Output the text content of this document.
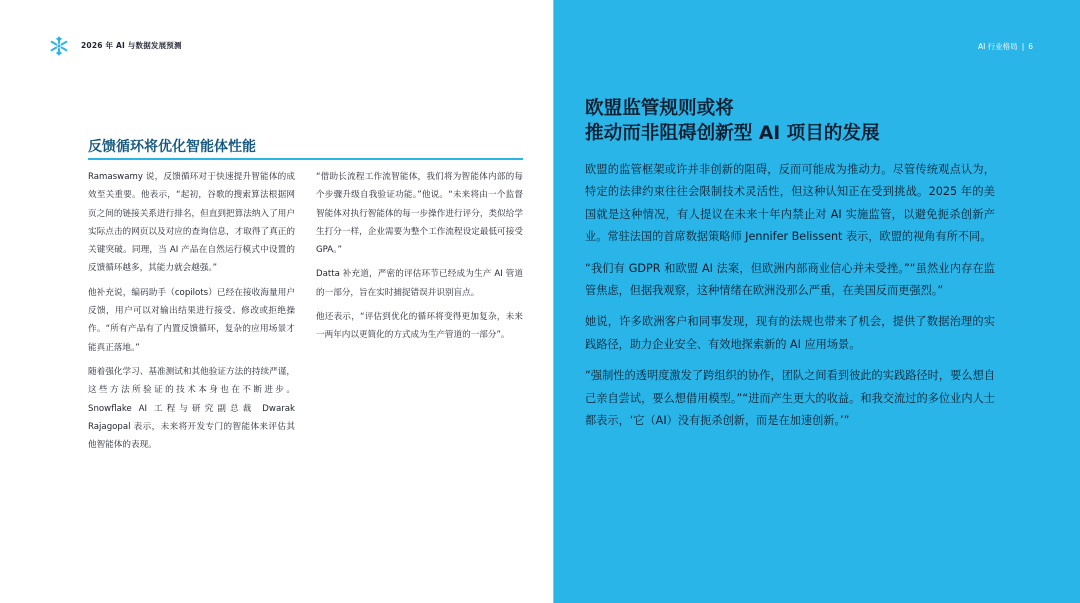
2026 年 AI 与数据发展预测	AI 行业格局 | 6
反馈循环将优化智能体性能

Ramaswamy 说，反馈循环对于快速提升智能体的成效至关重要。他表示，“起初，谷歌的搜索算法根据网页之间的链接关系进行排名，但直到把算法纳入了用户实际点击的网页以及对应的查询信息，才取得了真正的关键突破。同理，当 AI 产品在自然运行模式中设置的反馈循环越多，其能力就会越强。”

他补充说，编码助手（copilots）已经在接收海量用户反馈，用户可以对输出结果进行接受、修改或拒绝操作。“所有产品有了内置反馈循环，复杂的应用场景才能真正落地。”

随着强化学习、基准测试和其他验证方法的持续严谨，这些方法所验证的技术本身也在不断进步。Snowflake AI 工程与研究副总裁 Dwarak Rajagopal 表示，未来将开发专门的智能体来评估其他智能体的表现。

“借助长流程工作流智能体，我们将为智能体内部的每个步骤升级自我验证功能。”他说。“未来将由一个监督智能体对执行智能体的每一步操作进行评分，类似给学生打分一样，企业需要为整个工作流程设定最低可接受 GPA。”

Datta 补充道，严密的评估环节已经成为生产 AI 管道的一部分，旨在实时捕捉错误并识别盲点。

他还表示，“评估到优化的循环将变得更加复杂，未来一两年内以更简化的方式成为生产管道的一部分”。

欧盟监管规则或将
推动而非阻碍创新型 AI 项目的发展

欧盟的监管框架或许并非创新的阻碍，反而可能成为推动力。尽管传统观点认为，特定的法律约束往往会限制技术灵活性，但这种认知正在受到挑战。2025 年的美国就是这种情况，有人提议在未来十年内禁止对 AI 实施监管，以避免扼杀创新产业。常驻法国的首席数据策略师 Jennifer Belissent 表示，欧盟的视角有所不同。

“我们有 GDPR 和欧盟 AI 法案，但欧洲内部商业信心并未受挫。”“虽然业内存在监管焦虑，但据我观察，这种情绪在欧洲没那么严重，在美国反而更强烈。”

她说，许多欧洲客户和同事发现，现有的法规也带来了机会，提供了数据治理的实践路径，助力企业安全、有效地探索新的 AI 应用场景。

“强制性的透明度激发了跨组织的协作，团队之间看到彼此的实践路径时，要么想自己亲自尝试，要么想借用模型。”“进而产生更大的收益。和我交流过的多位业内人士都表示，‘它（AI）没有扼杀创新，而是在加速创新。’”
